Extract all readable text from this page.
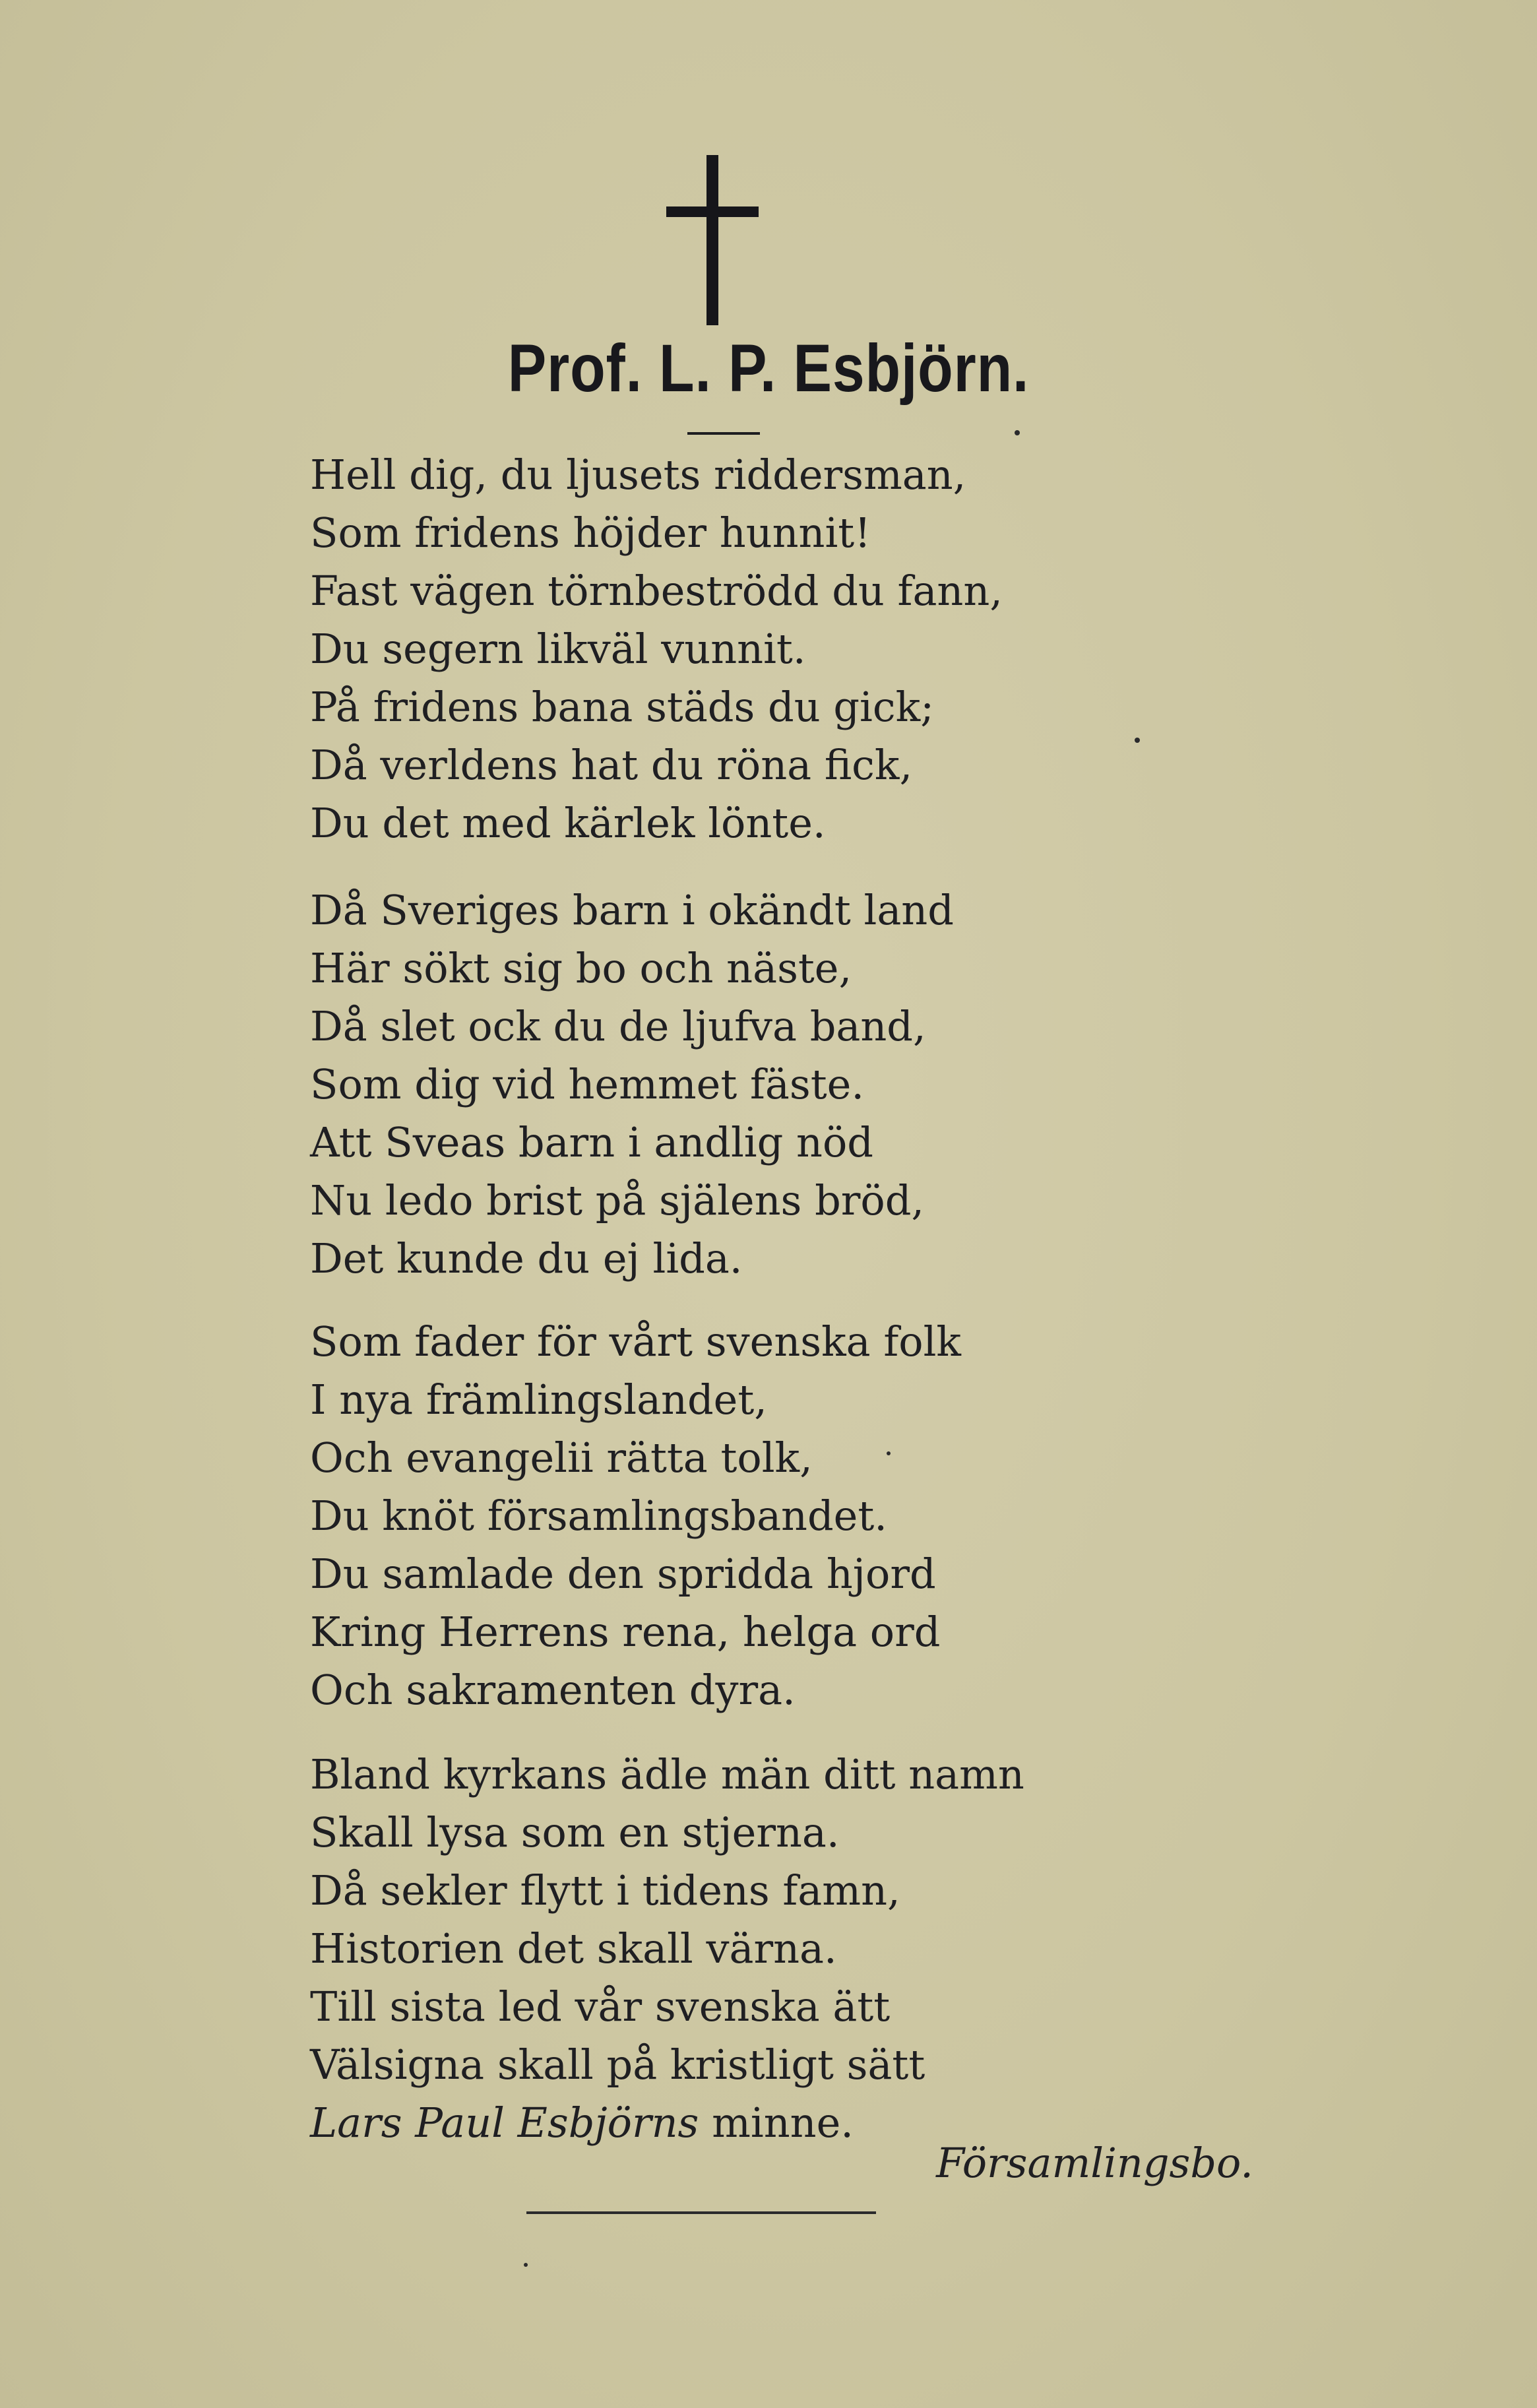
Prof. L. P. Esbjörn.
Hell dig, du ljusets riddersman,
Som fridens höjder hunnit!
Fast vägen törnbeströdd du fann,
Du segern likväl vunnit.
På fridens bana städs du gick;
Då verldens hat du röna fick,
Du det med kärlek lönte.
Då Sveriges barn i okändt land
Här sökt sig bo och näste,
Då slet ock du de ljufva band,
Som dig vid hemmet fäste.
Att Sveas barn i andlig nöd
Nu ledo brist på själens bröd,
Det kunde du ej lida.
Som fader för vårt svenska folk
I nya främlingslandet,
Och evangelii rätta tolk,
Du knöt församlingsbandet.
Du samlade den spridda hjord
Kring Herrens rena, helga ord
Och sakramenten dyra.
Bland kyrkans ädle män ditt namn
Skall lysa som en stjerna.
Då sekler flytt i tidens famn,
Historien det skall värna.
Till sista led vår svenska ätt
Välsigna skall på kristligt sätt
Lars Paul Esbjörns minne.
Församlingsbo.
